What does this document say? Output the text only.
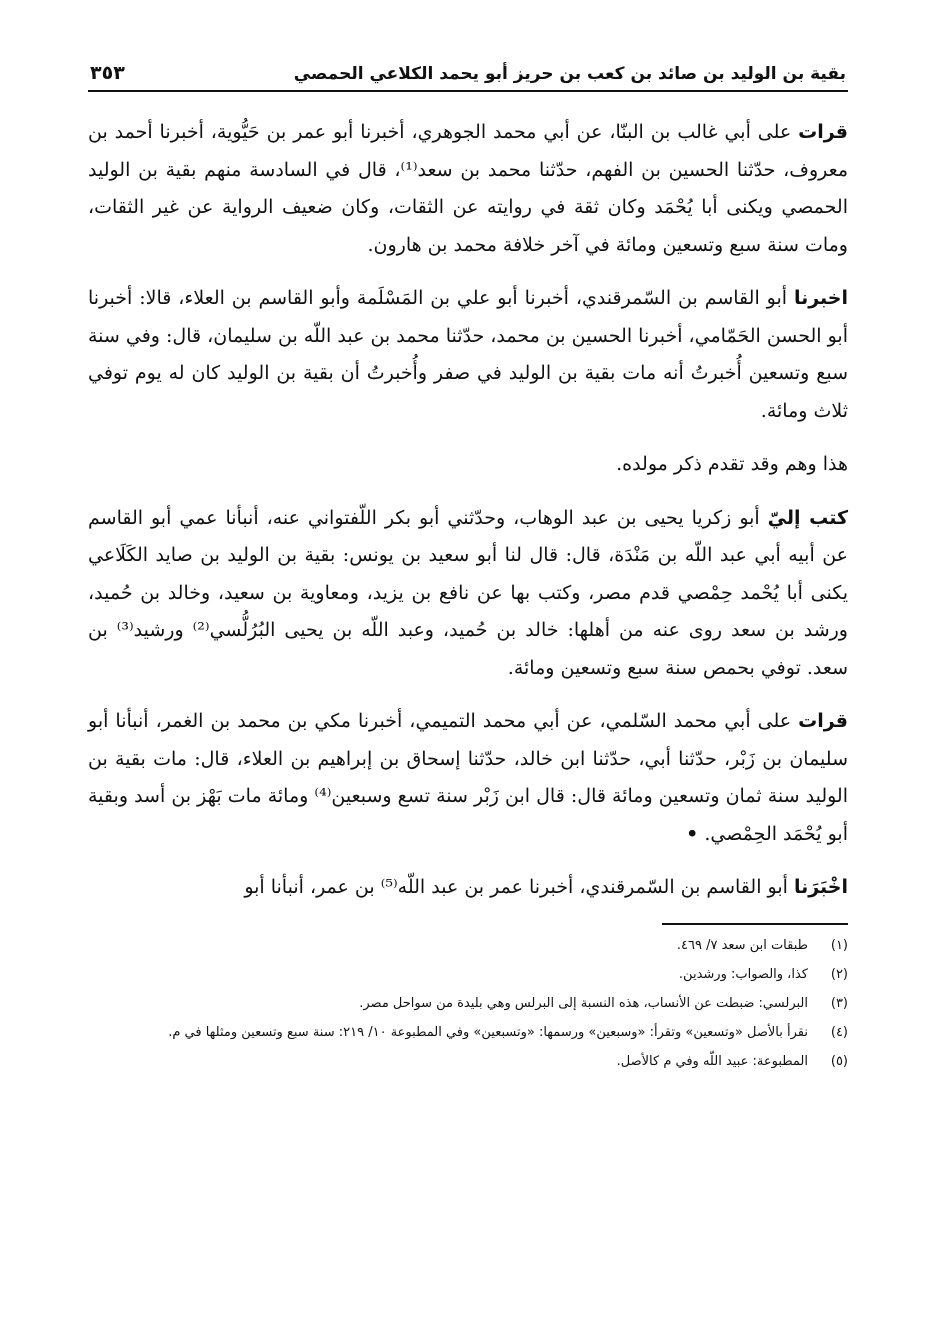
بقية بن الوليد بن صائد بن كعب بن حريز أبو يحمد الكلاعي الحمصي
٣٥٣

قرات على أبي غالب بن البنّا، عن أبي محمد الجوهري، أخبرنا أبو عمر بن حَيُّوية، أخبرنا أحمد بن معروف، حدّثنا الحسين بن الفهم، حدّثنا محمد بن سعد⁽¹⁾، قال في السادسة منهم بقية بن الوليد الحمصي ويكنى أبا يُحْمَد وكان ثقة في روايته عن الثقات، وكان ضعيف الرواية عن غير الثقات، ومات سنة سبع وتسعين ومائة في آخر خلافة محمد بن هارون.

اخبرنا أبو القاسم بن السّمرقندي، أخبرنا أبو علي بن المَسْلَمة وأبو القاسم بن العلاء، قالا: أخبرنا أبو الحسن الحَمّامي، أخبرنا الحسين بن محمد، حدّثنا محمد بن عبد اللّه بن سليمان، قال: وفي سنة سبع وتسعين أُخبرتُ أنه مات بقية بن الوليد في صفر وأُخبرتُ أن بقية بن الوليد كان له يوم توفي ثلاث ومائة.

هذا وهم وقد تقدم ذكر مولده.

كتب إليّ أبو زكريا يحيى بن عبد الوهاب، وحدّثني أبو بكر اللّفتواني عنه، أنبأنا عمي أبو القاسم عن أبيه أبي عبد اللّه بن مَنْدَة، قال: قال لنا أبو سعيد بن يونس: بقية بن الوليد بن صايد الكَلَاعي يكنى أبا يُحْمد حِمْصي قدم مصر، وكتب بها عن نافع بن يزيد، ومعاوية بن سعيد، وخالد بن حُميد، ورشد بن سعد روى عنه من أهلها: خالد بن حُميد، وعبد اللّه بن يحيى البُرُلُّسي⁽²⁾ ورشيد⁽³⁾ بن سعد. توفي بحمص سنة سبع وتسعين ومائة.

قرات على أبي محمد السّلمي، عن أبي محمد التميمي، أخبرنا مكي بن محمد بن الغمر، أنبأنا أبو سليمان بن زَبْر، حدّثنا أبي، حدّثنا ابن خالد، حدّثنا إسحاق بن إبراهيم بن العلاء، قال: مات بقية بن الوليد سنة ثمان وتسعين ومائة قال: قال ابن زَبْر سنة تسع وسبعين⁽⁴⁾ ومائة مات بَهْز بن أسد وبقية أبو يُحْمَد الحِمْصي. •

اخْبَرَنا أبو القاسم بن السّمرقندي، أخبرنا عمر بن عبد اللّه⁽⁵⁾ بن عمر، أنبأنا أبو

(١)
طبقات ابن سعد ٧/ ٤٦٩.
(٢)
كذا، والصواب: ورشدين.
(٣)
البرلسي: ضبطت عن الأنساب، هذه النسبة إلى البرلس وهي بليدة من سواحل مصر.
(٤)
نقرأ بالأصل «وتسعين» وتقرأ: «وسبعين» ورسمها: «وتسبعين» وفي المطبوعة ١٠/ ٢١٩: سنة سبع وتسعين ومثلها في م.
(٥)
المطبوعة: عبيد اللّه وفي م كالأصل.
